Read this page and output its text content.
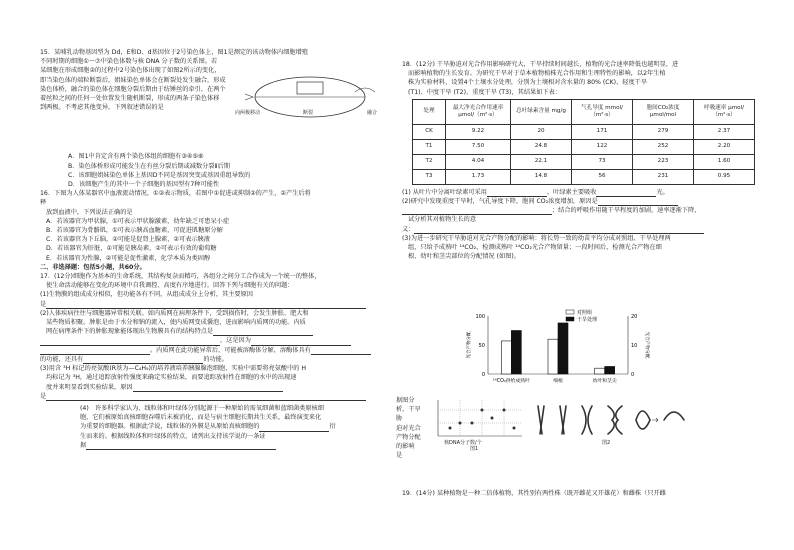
15．某哺乳动物基因型为 Dd，E和D、d基因位于2号染色体上，图1是测定的该动物体内细胞增殖

不同时期的细胞①～⑦中染色体数与核 DNA 分子数的关系图。若

某细胞在形成细胞②的过程中2号染色体出现了如图2所示的变化，

即当染色体的端粒断裂后，姐妹染色单体会在断裂处发生融合，形成

染色体桥，融合的染色体在细胞分裂后期由于纺锤丝的牵引，在两个

着丝粒之间的任何一处位置发生随机断裂，形成的两条子染色体移

到两极。不考虑其他变异，下列叙述错误的是

A．图1中肯定含有两个染色体组的细胞有③④⑤⑥

B．染色体桥形成可能发生在有丝分裂后期或减数分裂Ⅱ后期

C．该细胞姐妹染色单体上基因D不同是基因突变或基因重组导致的

D．该细胞产生的其中一个子细胞的基因型有7种可能性

16．下图为人体某器官中血液流动情况，①②表示物质，若图中①促进或抑制②的产生，②产生后将

释

放到血液中，下列说法正确的是

A．若该器官为甲状腺，①可表示甲状腺激素，幼年缺乏可患呆小症

B．若该器官为骨骼肌，①可表示胰高血糖素，可促进肌糖原分解

C．若该器官为下丘脑，②可能是促肾上腺素，②可表示胰液

D．若该器官为肝脏，①可能是胰岛素，②可表示有效的葡萄糖

E．若该器官为性腺，②可能是促性激素，化学本质为类固醇

二、非选择题：包括5小题，共60分。

17．(12分)细胞作为基本的生命系统，其结构复杂而精巧，各组分之间分工合作成为一个统一的整体，

使生命活动能够在变化的环境中自我调控、高度有序地进行。回答下列与细胞有关的问题：

(1)生物膜的组成成分相似，但功能各有不同，从组成成分上分析，其主要原因

是

(2)人体疾病往往与细胞器异常相关联。如内质网在病理条件下，受到损伤时，会发生肿胀、肥大和

某些物质积聚。肿胀是由于水分和钠的流入，使内质网变成囊泡，进而影响内质网的功能。内质

网在病理条件下的肿胀现象能体现出生物膜具有的结构特点是

，这是因为

。内质网在此功能异常后，可能被溶酶体分解，溶酶体具有

的功能，还具有	的功能。

(3)用含 ³H 标记的亮氨酸(R基为—C₄H₉)的培养液培养胰腺腺泡细胞，实验中需要将亮氨酸中的 H

均标记为 ³H，通过追踪放射性强度来确定实验结果，而要追踪放射性在细胞的水中的出现速

度并来明显看到实验结果，原因

是

(4)　许多科学家认为，线粒体和叶绿体分别起源于一种原始的需氧细菌和蓝细菌类原核细

胞，它们被原始真核细胞吞噬后未被消化，而是与宿主细胞长期共生关系，最终演变来化

为重要的细胞器。根据此学说，线粒体的外膜是从原始真核细胞的	衍

生而来的。根据线粒体和叶绿体的特点，请列出支持该学说的一条证

据

向两极移动	断裂	融合

18．(12分) 干旱胁迫对光合作用影响研究大，干旱持续时间越长，植物的光合速率降低也越明显，进

而影响植物的生长发育。为研究干旱对于草本植物植株光合作用和生理特性的影响，以2年生植

株为实验材料，设置4个土壤水分处理，分别为土壤相对含水量的 80% (CK)、轻度干旱

(T1)、中度干旱 (T2)、重度干旱 (T3)，其结果如下表：

处理	最大净光合作用速率 μmol/（m²·s）	总叶绿素含量 mg/g	气孔导度 mmol/（m²·s）	胞间CO₂浓度 μmol/mol	呼吸速率 μmol/（m²·s）
CK	9.22	20	171	279	2.37
T1	7.50	24.8	122	252	2.20
T2	4.04	22.1	73	223	1.60
T3	1.73	14.8	56	231	0.95

(1) 从叶片中分离叶绿素可采用	，叶绿素主要吸收	光。

(2)研究中发现重度干旱时，气孔导度下降，胞间 CO₂浓度增加，原因是

；结合的呼吸作用随干旱程度的加剧，速率逐渐下降，

试分析其对植物生长的意

义：

(3)为进一步研究干旱胁迫对光合产物分配的影响：将长势一致的幼苗平均分成对照组、干旱处理两

组，只给予成熟叶 ¹⁴CO₂，检测成熟叶 ¹⁴CO₂光合产物留量；一段时间后，检测光合产物在细

根、幼叶和茎尖部位的分配情况 (如图)。

0
50
100
0
10
20
光合产物分配	光合产物分配
¹⁴CO₂供给成熟叶	细根	幼叶和茎尖
对照组
干旱处理

据图分

析，干旱胁

迫对光合

产物分配

的影响

是

核DNA分子数/个	图2
图1

19．(14分) 某种植物是一种二倍体植物，其性别有两性株（既开雌花又开雄花）和雌株（只开雌
